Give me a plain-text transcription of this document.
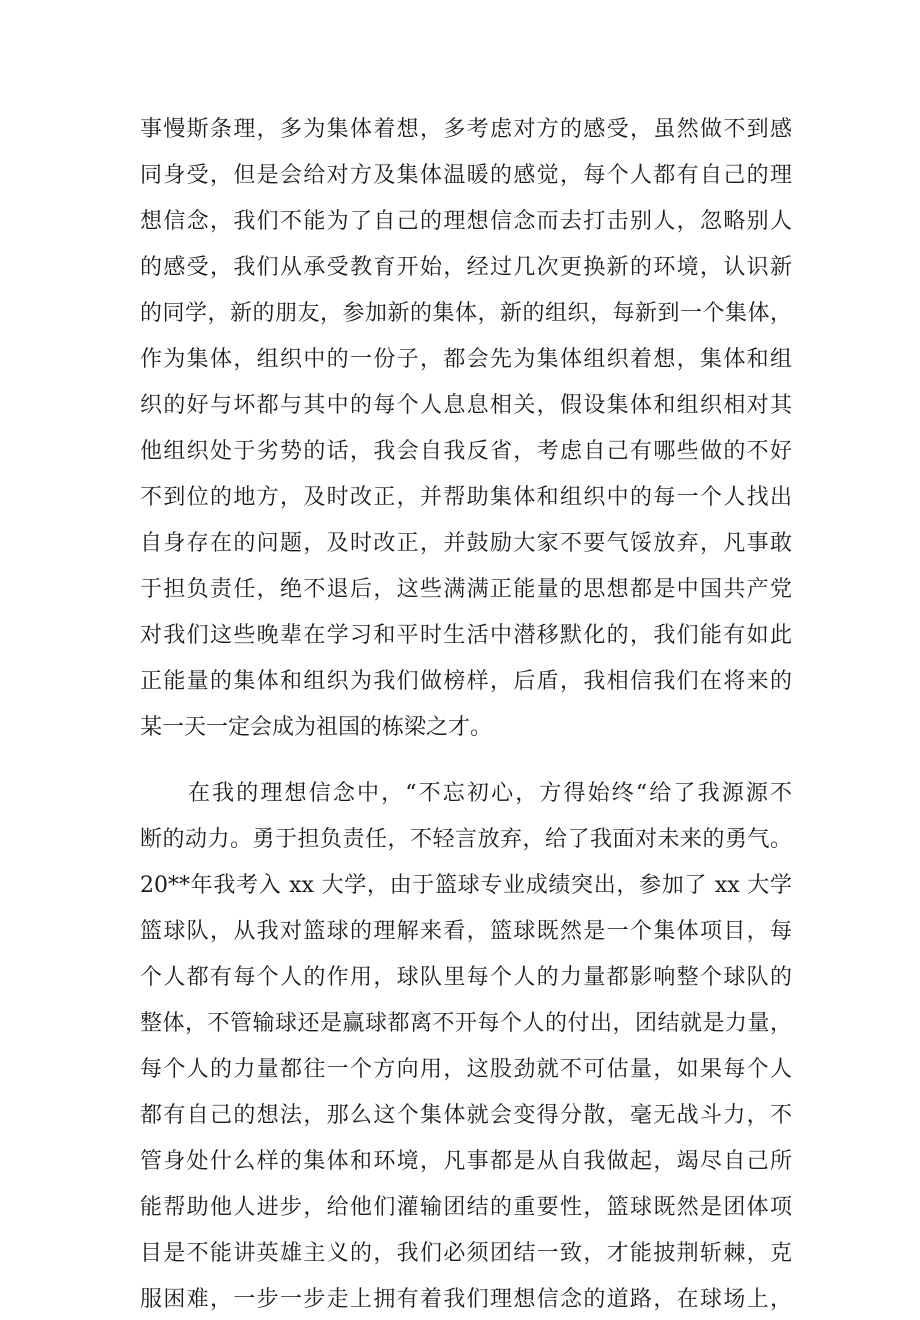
事慢斯条理，多为集体着想，多考虑对方的感受，虽然做不到感
同身受，但是会给对方及集体温暖的感觉，每个人都有自己的理
想信念，我们不能为了自己的理想信念而去打击别人，忽略别人
的感受，我们从承受教育开始，经过几次更换新的环境，认识新
的同学，新的朋友，参加新的集体，新的组织，每新到一个集体，
作为集体，组织中的一份子，都会先为集体组织着想，集体和组
织的好与坏都与其中的每个人息息相关，假设集体和组织相对其
他组织处于劣势的话，我会自我反省，考虑自己有哪些做的不好
不到位的地方，及时改正，并帮助集体和组织中的每一个人找出
自身存在的问题，及时改正，并鼓励大家不要气馁放弃，凡事敢
于担负责任，绝不退后，这些满满正能量的思想都是中国共产党
对我们这些晚辈在学习和平时生活中潜移默化的，我们能有如此
正能量的集体和组织为我们做榜样，后盾，我相信我们在将来的
某一天一定会成为祖国的栋梁之才。
在我的理想信念中，“不忘初心，方得始终“给了我源源不
断的动力。勇于担负责任，不轻言放弃，给了我面对未来的勇气。
20**年我考入 xx 大学，由于篮球专业成绩突出，参加了 xx 大学
篮球队，从我对篮球的理解来看，篮球既然是一个集体项目，每
个人都有每个人的作用，球队里每个人的力量都影响整个球队的
整体，不管输球还是赢球都离不开每个人的付出，团结就是力量，
每个人的力量都往一个方向用，这股劲就不可估量，如果每个人
都有自己的想法，那么这个集体就会变得分散，毫无战斗力，不
管身处什么样的集体和环境，凡事都是从自我做起，竭尽自己所
能帮助他人进步，给他们灌输团结的重要性，篮球既然是团体项
目是不能讲英雄主义的，我们必须团结一致，才能披荆斩棘，克
服困难，一步一步走上拥有着我们理想信念的道路，在球场上，
